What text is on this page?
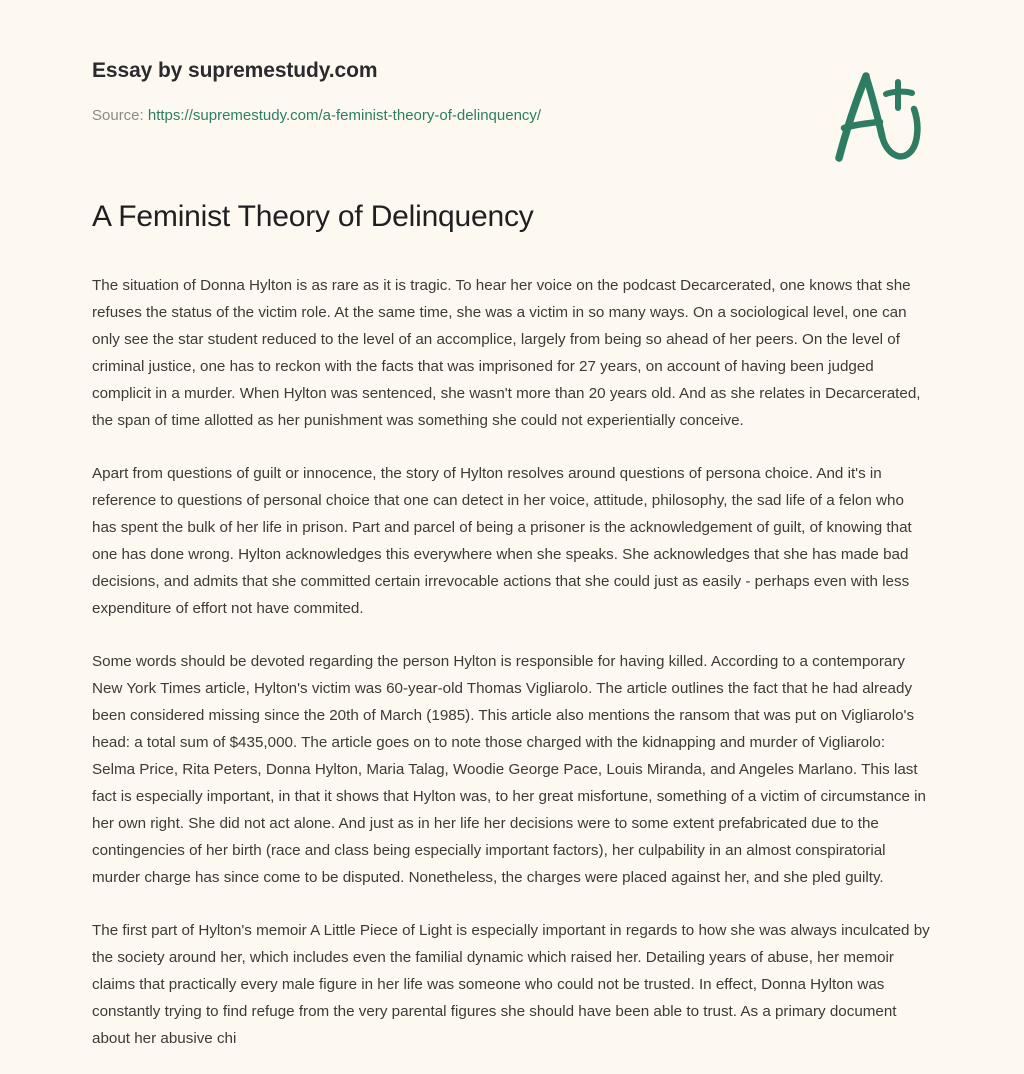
Essay by supremestudy.com
Source: https://supremestudy.com/a-feminist-theory-of-delinquency/
A Feminist Theory of Delinquency

The situation of Donna Hylton is as rare as it is tragic. To hear her voice on the podcast Decarcerated, one knows that she refuses the status of the victim role. At the same time, she was a victim in so many ways. On a sociological level, one can only see the star student reduced to the level of an accomplice, largely from being so ahead of her peers. On the level of criminal justice, one has to reckon with the facts that was imprisoned for 27 years, on account of having been judged complicit in a murder. When Hylton was sentenced, she wasn't more than 20 years old. And as she relates in Decarcerated, the span of time allotted as her punishment was something she could not experientially conceive.

Apart from questions of guilt or innocence, the story of Hylton resolves around questions of persona choice. And it's in reference to questions of personal choice that one can detect in her voice, attitude, philosophy, the sad life of a felon who has spent the bulk of her life in prison. Part and parcel of being a prisoner is the acknowledgement of guilt, of knowing that one has done wrong. Hylton acknowledges this everywhere when she speaks. She acknowledges that she has made bad decisions, and admits that she committed certain irrevocable actions that she could just as easily - perhaps even with less expenditure of effort not have commited.

Some words should be devoted regarding the person Hylton is responsible for having killed. According to a contemporary New York Times article, Hylton's victim was 60-year-old Thomas Vigliarolo. The article outlines the fact that he had already been considered missing since the 20th of March (1985). This article also mentions the ransom that was put on Vigliarolo's head: a total sum of $435,000. The article goes on to note those charged with the kidnapping and murder of Vigliarolo: Selma Price, Rita Peters, Donna Hylton, Maria Talag, Woodie George Pace, Louis Miranda, and Angeles Marlano. This last fact is especially important, in that it shows that Hylton was, to her great misfortune, something of a victim of circumstance in her own right. She did not act alone. And just as in her life her decisions were to some extent prefabricated due to the contingencies of her birth (race and class being especially important factors), her culpability in an almost conspiratorial murder charge has since come to be disputed. Nonetheless, the charges were placed against her, and she pled guilty.

The first part of Hylton's memoir A Little Piece of Light is especially important in regards to how she was always inculcated by the society around her, which includes even the familial dynamic which raised her. Detailing years of abuse, her memoir claims that practically every male figure in her life was someone who could not be trusted. In effect, Donna Hylton was constantly trying to find refuge from the very parental figures she should have been able to trust. As a primary document about her abusive chi
